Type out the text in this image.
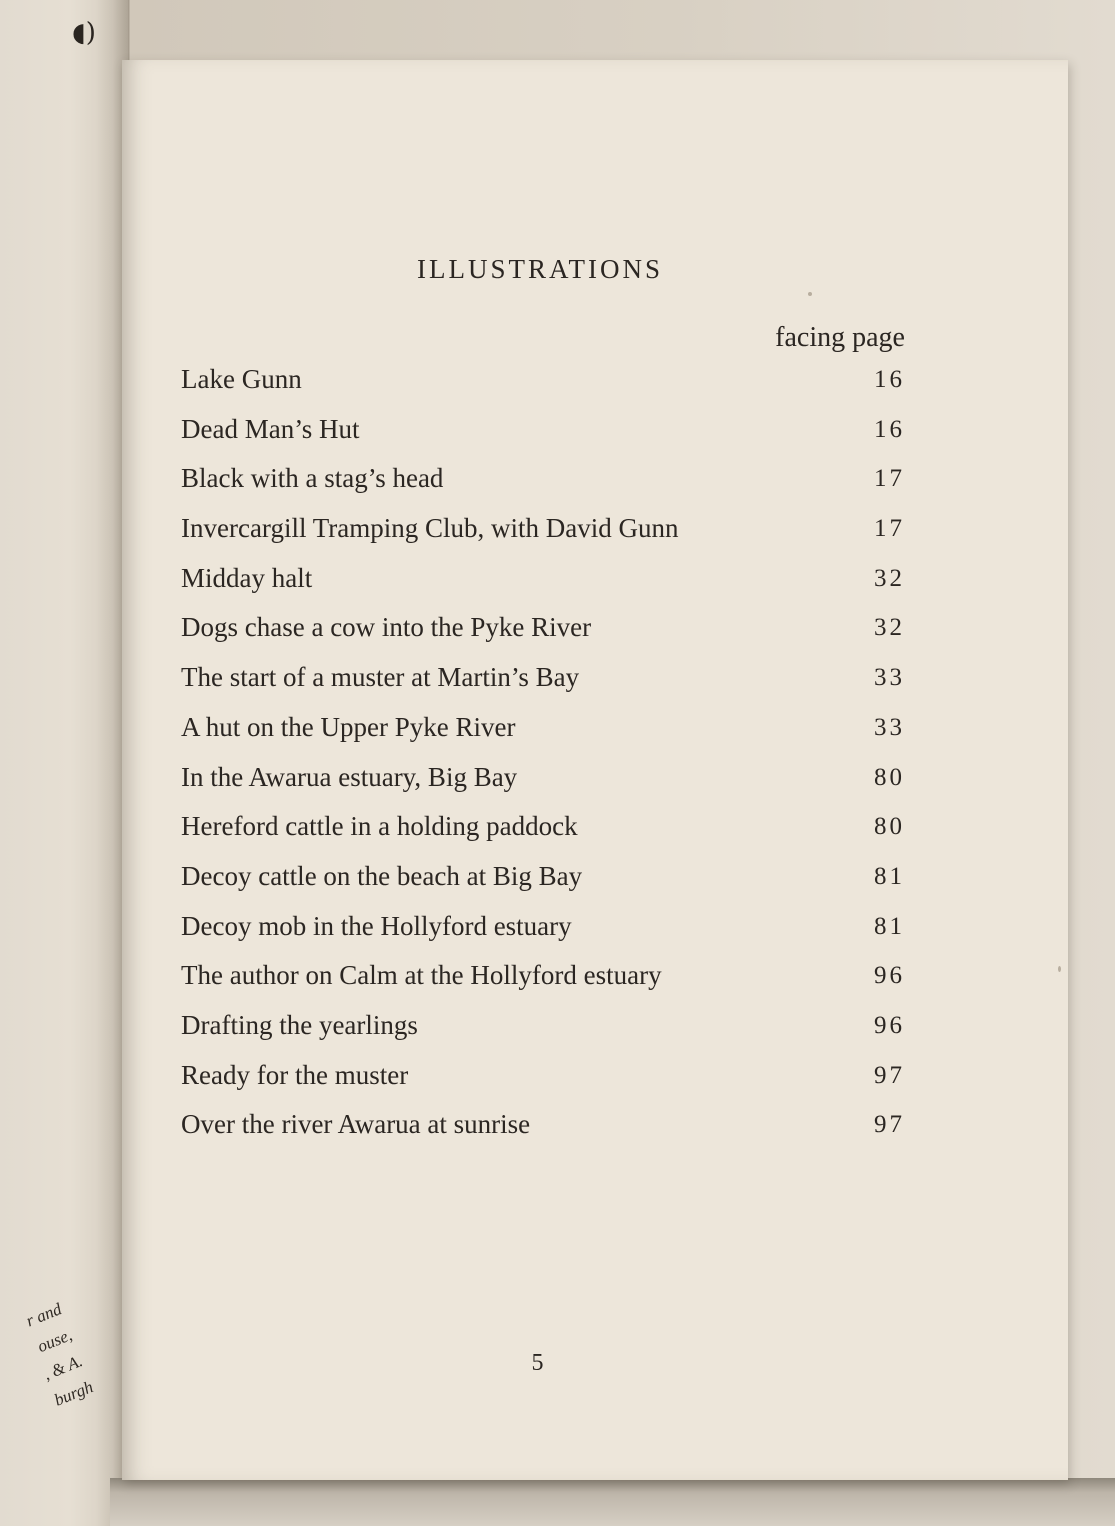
◖)
r and
ouse,
, & A.
burgh
ILLUSTRATIONS
facing page
Lake Gunn	16
Dead Man’s Hut	16
Black with a stag’s head	17
Invercargill Tramping Club, with David Gunn	17
Midday halt	32
Dogs chase a cow into the Pyke River	32
The start of a muster at Martin’s Bay	33
A hut on the Upper Pyke River	33
In the Awarua estuary, Big Bay	80
Hereford cattle in a holding paddock	80
Decoy cattle on the beach at Big Bay	81
Decoy mob in the Hollyford estuary	81
The author on Calm at the Hollyford estuary	96
Drafting the yearlings	96
Ready for the muster	97
Over the river Awarua at sunrise	97
5
